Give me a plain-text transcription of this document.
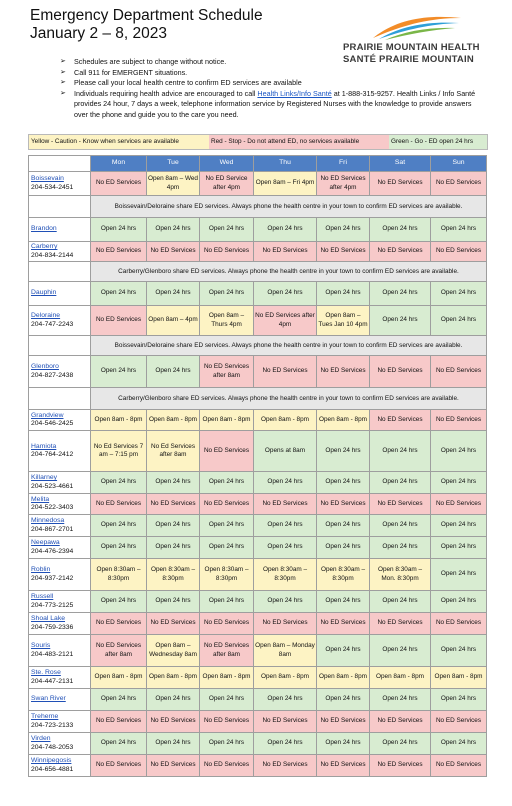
Emergency Department Schedule
January 2 – 8, 2023
PRAIRIE MOUNTAIN HEALTH
SANTÉ PRAIRIE MOUNTAIN
➢ Schedules are subject to change without notice.
➢ Call 911 for EMERGENT situations.
➢ Please call your local health centre to confirm ED services are available
➢ Individuals requiring health advice are encouraged to call Health Links/Info Santé at 1-888-315-9257. Health Links / Info Santé provides 24 hour, 7 days a week, telephone information service by Registered Nurses with the knowledge to provide answers over the phone and guide you to the care you need.
Yellow - Caution - Know when services are available	Red - Stop - Do not attend ED, no services available	Green - Go - ED open 24 hrs
	Mon	Tue	Wed	Thu	Fri	Sat	Sun

Boissevain
204-534-2451	No ED Services	Open 8am – Wed 4pm	No ED Service after 4pm	Open 8am – Fri 4pm	No ED Services after 4pm	No ED Services	No ED Services
	Boissevain/Deloraine share ED services. Always phone the health centre in your town to confirm ED services are available.						

Brandon	Open 24 hrs	Open 24 hrs	Open 24 hrs	Open 24 hrs	Open 24 hrs	Open 24 hrs	Open 24 hrs

Carberry
204-834-2144	No ED Services	No ED Services	No ED Services	No ED Services	No ED Services	No ED Services	No ED Services
	Carberry/Glenboro share ED services. Always phone the health centre in your town to confirm ED services are available.						

Dauphin	Open 24 hrs	Open 24 hrs	Open 24 hrs	Open 24 hrs	Open 24 hrs	Open 24 hrs	Open 24 hrs

Deloraine
204-747-2243	No ED Services	Open 8am – 4pm	Open 8am – Thurs 4pm	No ED Services after 4pm	Open 8am – Tues Jan 10 4pm	Open 24 hrs	Open 24 hrs
	Boissevain/Deloraine share ED services. Always phone the health centre in your town to confirm ED services are available.						

Glenboro
204-827-2438	Open 24 hrs	Open 24 hrs	No ED Services after 8am	No ED Services	No ED Services	No ED Services	No ED Services
	Carberry/Glenboro share ED services. Always phone the health centre in your town to confirm ED services are available.						

Grandview
204-546-2425	Open 8am - 8pm	Open 8am - 8pm	Open 8am - 8pm	Open 8am - 8pm	Open 8am - 8pm	No ED Services	No ED Services

Hamiota
204-764-2412	No Ed Services 7 am – 7:15 pm	No Ed Services after 8am	No ED Services	Opens at 8am	Open 24 hrs	Open 24 hrs	Open 24 hrs

Killarney
204-523-4661	Open 24 hrs	Open 24 hrs	Open 24 hrs	Open 24 hrs	Open 24 hrs	Open 24 hrs	Open 24 hrs

Melita
204-522-3403	No ED Services	No ED Services	No ED Services	No ED Services	No ED Services	No ED Services	No ED Services

Minnedosa
204-867-2701	Open 24 hrs	Open 24 hrs	Open 24 hrs	Open 24 hrs	Open 24 hrs	Open 24 hrs	Open 24 hrs

Neepawa
204-476-2394	Open 24 hrs	Open 24 hrs	Open 24 hrs	Open 24 hrs	Open 24 hrs	Open 24 hrs	Open 24 hrs

Roblin
204-937-2142	Open 8:30am – 8:30pm	Open 8:30am – 8:30pm	Open 8:30am – 8:30pm	Open 8:30am – 8:30pm	Open 8:30am – 8:30pm	Open 8:30am – Mon. 8:30pm	Open 24 hrs

Russell
204-773-2125	Open 24 hrs	Open 24 hrs	Open 24 hrs	Open 24 hrs	Open 24 hrs	Open 24 hrs	Open 24 hrs

Shoal Lake
204-759-2336	No ED Services	No ED Services	No ED Services	No ED Services	No ED Services	No ED Services	No ED Services

Souris
204-483-2121	No ED Services after 8am	Open 8am – Wednesday 8am	No ED Services after 8am	Open 8am – Monday 8am	Open 24 hrs	Open 24 hrs	Open 24 hrs

Ste. Rose
204-447-2131	Open 8am - 8pm	Open 8am - 8pm	Open 8am - 8pm	Open 8am - 8pm	Open 8am - 8pm	Open 8am - 8pm	Open 8am - 8pm

Swan River	Open 24 hrs	Open 24 hrs	Open 24 hrs	Open 24 hrs	Open 24 hrs	Open 24 hrs	Open 24 hrs

Treherne
204-723-2133	No ED Services	No ED Services	No ED Services	No ED Services	No ED Services	No ED Services	No ED Services

Virden
204-748-2053	Open 24 hrs	Open 24 hrs	Open 24 hrs	Open 24 hrs	Open 24 hrs	Open 24 hrs	Open 24 hrs

Winnipegosis
204-656-4881	No ED Services	No ED Services	No ED Services	No ED Services	No ED Services	No ED Services	No ED Services
